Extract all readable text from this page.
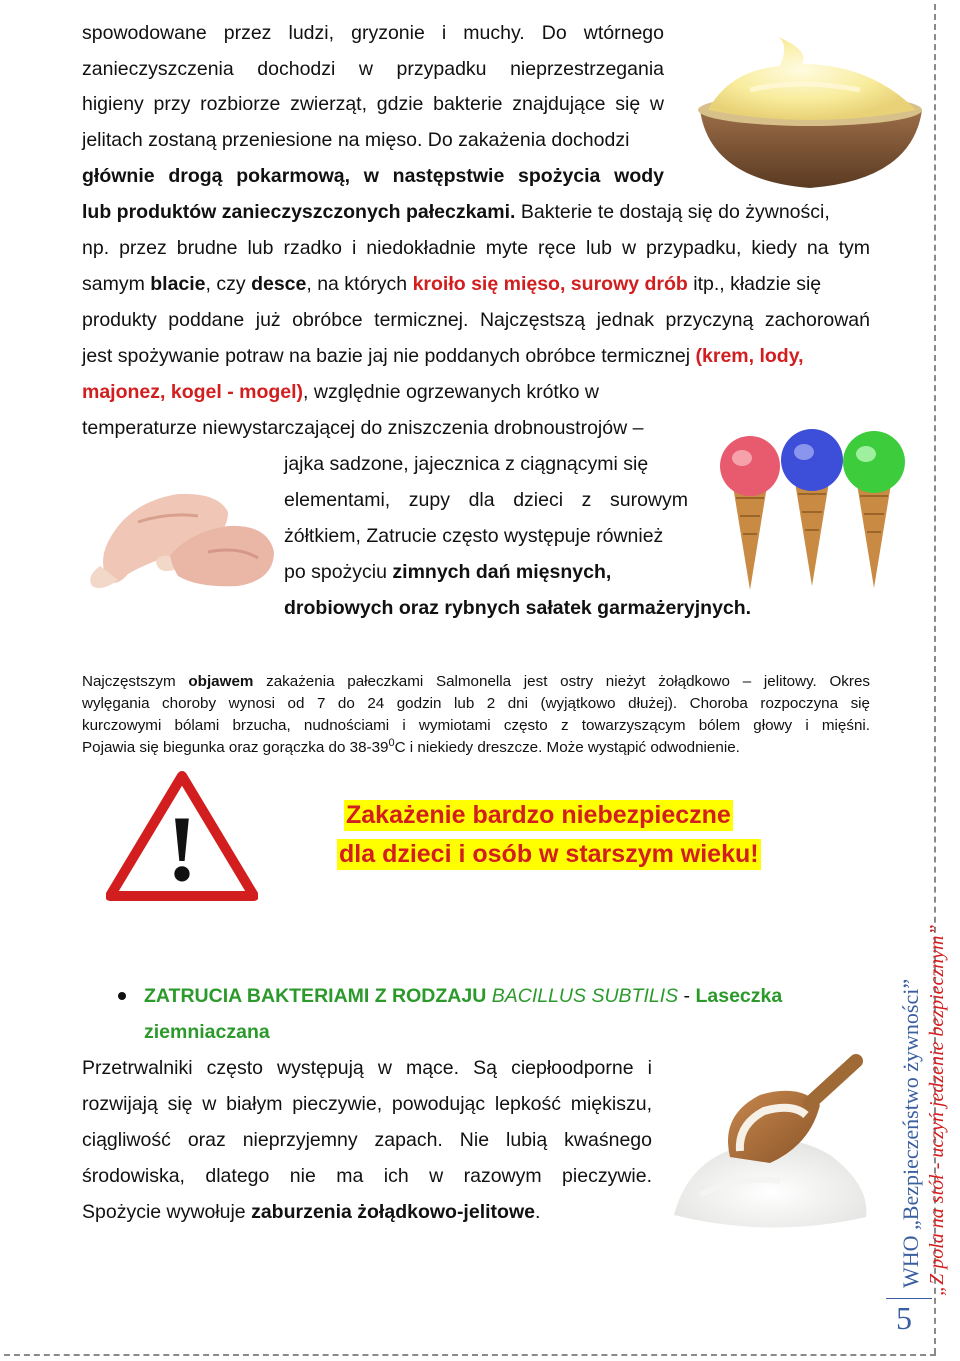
spowodowane przez ludzi, gryzonie i muchy. Do wtórnego
zanieczyszczenia dochodzi w przypadku nieprzestrzegania
higieny przy rozbiorze zwierząt, gdzie bakterie znajdujące się w
jelitach zostaną przeniesione na mięso. Do zakażenia dochodzi
głównie drogą pokarmową, w następstwie spożycia wody
lub produktów zanieczyszczonych pałeczkami. Bakterie te dostają się do żywności,
np. przez brudne lub rzadko i niedokładnie myte ręce lub w przypadku, kiedy na tym
samym blacie, czy desce, na których kroiło się mięso, surowy drób itp., kładzie się
produkty poddane już obróbce termicznej. Najczęstszą jednak przyczyną zachorowań
jest spożywanie potraw na bazie jaj nie poddanych obróbce termicznej (krem, lody,
majonez, kogel - mogel), względnie ogrzewanych krótko w
temperaturze niewystarczającej do zniszczenia drobnoustrojów –
jajka sadzone, jajecznica z ciągnącymi się
elementami, zupy dla dzieci z surowym
żółtkiem, Zatrucie często występuje również
po spożyciu zimnych dań mięsnych,
drobiowych oraz rybnych sałatek garmażeryjnych.
Najczęstszym objawem zakażenia pałeczkami Salmonella jest ostry nieżyt żołądkowo – jelitowy. Okres
wylęgania choroby wynosi od 7 do 24 godzin lub 2 dni (wyjątkowo dłużej). Choroba rozpoczyna się
kurczowymi bólami brzucha, nudnościami i wymiotami często z towarzyszącym bólem głowy i mięśni.
Pojawia się biegunka oraz gorączka do $38-39^0C$ i niekiedy dreszcze. Może wystąpić odwodnienie.
!	Zakażenie bardzo niebezpieczne
dla dzieci i osób w starszym wieku!
ZATRUCIA BAKTERIAMI Z RODZAJU BACILLUS SUBTILIS - Laseczka
ziemniaczana
Przetrwalniki często występują w mące. Są ciepłoodporne i
rozwijają się w białym pieczywie, powodując lepkość miękiszu,
ciągliwość oraz nieprzyjemny zapach. Nie lubią kwaśnego
środowiska, dlatego nie ma ich w razowym pieczywie.
Spożycie wywołuje zaburzenia żołądkowo-jelitowe.	WHO „Bezpieczeństwo żywności” „Z pola na stół - uczyń jedzenie bezpiecznym”
5
